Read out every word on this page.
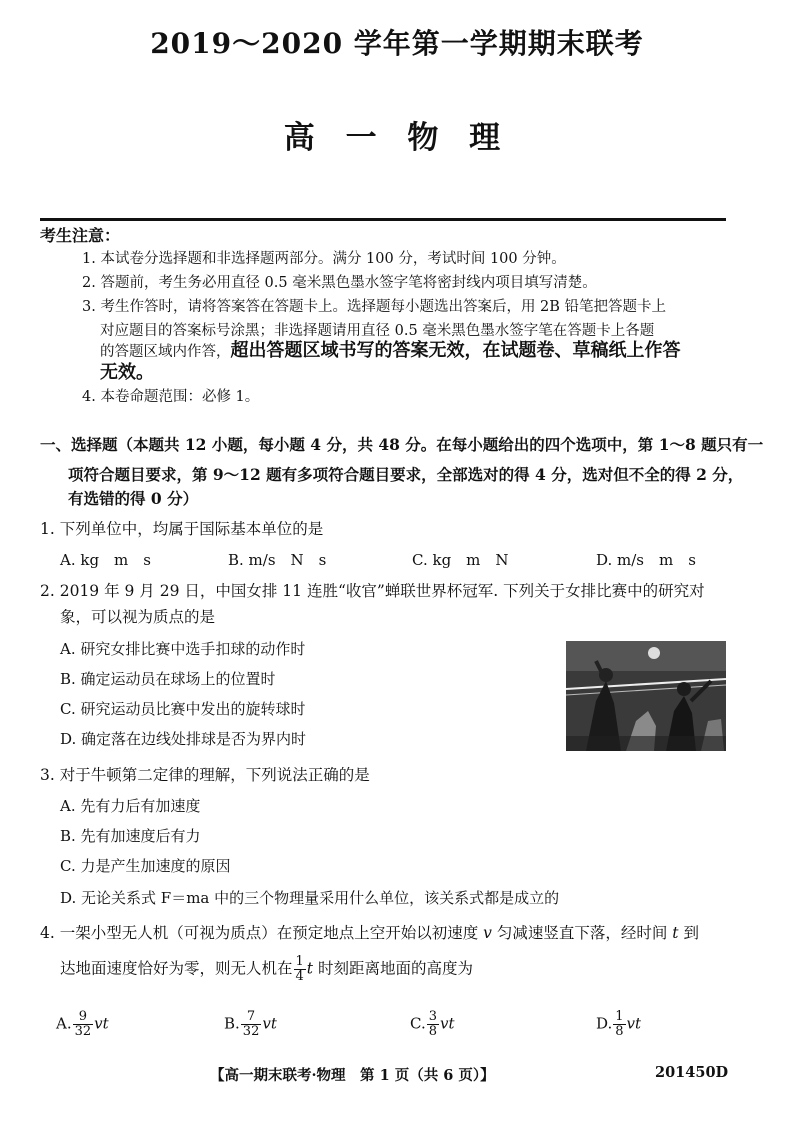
2019～2020 学年第一学期期末联考
高 一 物 理
考生注意：
1. 本试卷分选择题和非选择题两部分。满分 100 分，考试时间 100 分钟。
2. 答题前，考生务必用直径 0.5 毫米黑色墨水签字笔将密封线内项目填写清楚。
3. 考生作答时，请将答案答在答题卡上。选择题每小题选出答案后，用 2B 铅笔把答题卡上
对应题目的答案标号涂黑；非选择题请用直径 0.5 毫米黑色墨水签字笔在答题卡上各题
的答题区域内作答，超出答题区域书写的答案无效，在试题卷、草稿纸上作答
无效。
4. 本卷命题范围：必修 1。
一、选择题（本题共 12 小题，每小题 4 分，共 48 分。在每小题给出的四个选项中，第 1～8 题只有一
项符合题目要求，第 9～12 题有多项符合题目要求，全部选对的得 4 分，选对但不全的得 2 分，
有选错的得 0 分）
1. 下列单位中，均属于国际基本单位的是
A. kg　m　s	B. m/s　N　s	C. kg　m　N	D. m/s　m　s
2. 2019 年 9 月 29 日，中国女排 11 连胜“收官”蝉联世界杯冠军. 下列关于女排比赛中的研究对
象，可以视为质点的是
A. 研究女排比赛中选手扣球的动作时
B. 确定运动员在球场上的位置时
C. 研究运动员比赛中发出的旋转球时
D. 确定落在边线处排球是否为界内时
3. 对于牛顿第二定律的理解，下列说法正确的是
A. 先有力后有加速度
B. 先有加速度后有力
C. 力是产生加速度的原因
D. 无论关系式 F＝ma 中的三个物理量采用什么单位，该关系式都是成立的
4. 一架小型无人机（可视为质点）在预定地点上空开始以初速度 v 匀减速竖直下落，经时间 t 到
达地面速度恰好为零，则无人机在 $\frac{1}{4}$ t 时刻距离地面的高度为
A. $\frac{9}{32}$ vt	B. $\frac{7}{32}$ vt	C. $\frac{3}{8}$ vt	D. $\frac{1}{8}$ vt
【高一期末联考·物理　第 1 页（共 6 页）】	201450D
